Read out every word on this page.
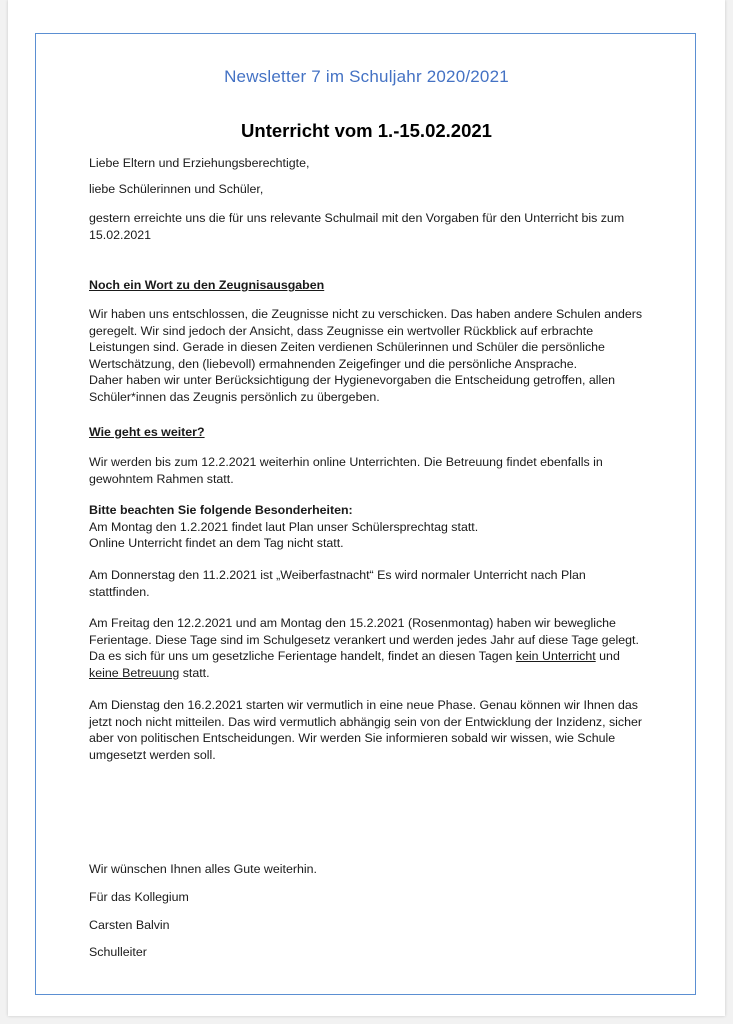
Newsletter 7 im Schuljahr 2020/2021
Unterricht vom 1.-15.02.2021
Liebe Eltern und Erziehungsberechtigte,
liebe Schülerinnen und Schüler,
gestern erreichte uns die für uns relevante Schulmail mit den Vorgaben für den Unterricht bis zum
15.02.2021
Noch ein Wort zu den Zeugnisausgaben
Wir haben uns entschlossen, die Zeugnisse nicht zu verschicken. Das haben andere Schulen anders
geregelt. Wir sind jedoch der Ansicht, dass Zeugnisse ein wertvoller Rückblick auf erbrachte
Leistungen sind. Gerade in diesen Zeiten verdienen Schülerinnen und Schüler die persönliche
Wertschätzung, den (liebevoll) ermahnenden Zeigefinger und die persönliche Ansprache.
Daher haben wir unter Berücksichtigung der Hygienevorgaben die Entscheidung getroffen, allen
Schüler*innen das Zeugnis persönlich zu übergeben.
Wie geht es weiter?
Wir werden bis zum 12.2.2021 weiterhin online Unterrichten. Die Betreuung findet ebenfalls in
gewohntem Rahmen statt.
Bitte beachten Sie folgende Besonderheiten:
Am Montag den 1.2.2021 findet laut Plan unser Schülersprechtag statt.
Online Unterricht findet an dem Tag nicht statt.
Am Donnerstag den 11.2.2021 ist „Weiberfastnacht“ Es wird normaler Unterricht nach Plan
stattfinden.
Am Freitag den 12.2.2021 und am Montag den 15.2.2021 (Rosenmontag) haben wir bewegliche
Ferientage. Diese Tage sind im Schulgesetz verankert und werden jedes Jahr auf diese Tage gelegt.
Da es sich für uns um gesetzliche Ferientage handelt, findet an diesen Tagen kein Unterricht und
keine Betreuung statt.
Am Dienstag den 16.2.2021 starten wir vermutlich in eine neue Phase. Genau können wir Ihnen das
jetzt noch nicht mitteilen. Das wird vermutlich abhängig sein von der Entwicklung der Inzidenz, sicher
aber von politischen Entscheidungen. Wir werden Sie informieren sobald wir wissen, wie Schule
umgesetzt werden soll.
Wir wünschen Ihnen alles Gute weiterhin.
Für das Kollegium
Carsten Balvin
Schulleiter
